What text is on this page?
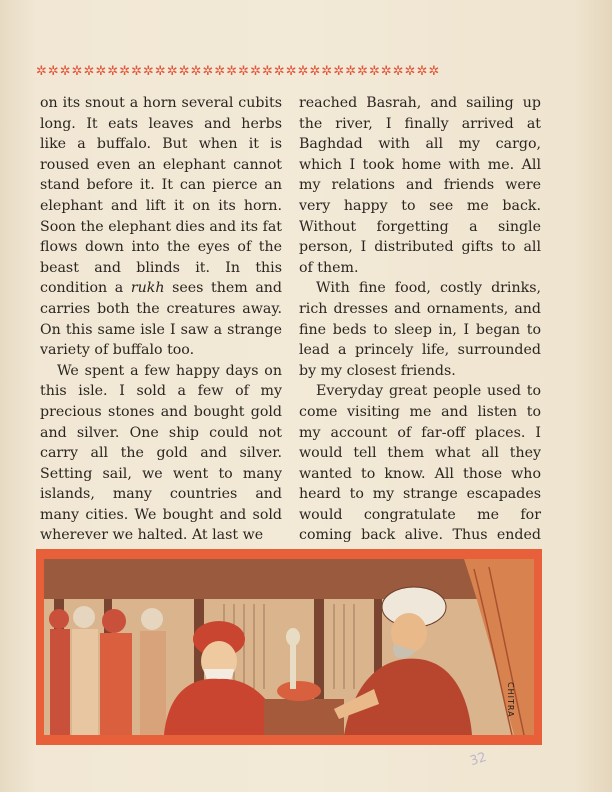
✲✲✲✲✲✲✲✲✲✲✲✲✲✲✲✲✲✲✲✲✲✲✲✲✲✲✲✲✲✲✲✲✲✲

on its snout a horn several cubits long. It eats leaves and herbs like a buffalo. But when it is roused even an elephant cannot stand before it. It can pierce an elephant and lift it on its horn. Soon the elephant dies and its fat flows down into the eyes of the beast and blinds it. In this condition a rukh sees them and carries both the creatures away. On this same isle I saw a strange variety of buffalo too.

We spent a few happy days on this isle. I sold a few of my precious stones and bought gold and silver. One ship could not carry all the gold and silver. Setting sail, we went to many islands, many countries and many cities. We bought and sold wherever we halted. At last we

reached Basrah, and sailing up the river, I finally arrived at Baghdad with all my cargo, which I took home with me. All my relations and friends were very happy to see me back. Without forgetting a single person, I distributed gifts to all of them.

With fine food, costly drinks, rich dresses and ornaments, and fine beds to sleep in, I began to lead a princely life, surrounded by my closest friends.

Everyday great people used to come visiting me and listen to my account of far-off places. I would tell them what all they wanted to know. All those who heard to my strange escapades would congratulate me for coming back alive. Thus ended

CHITRA
32
